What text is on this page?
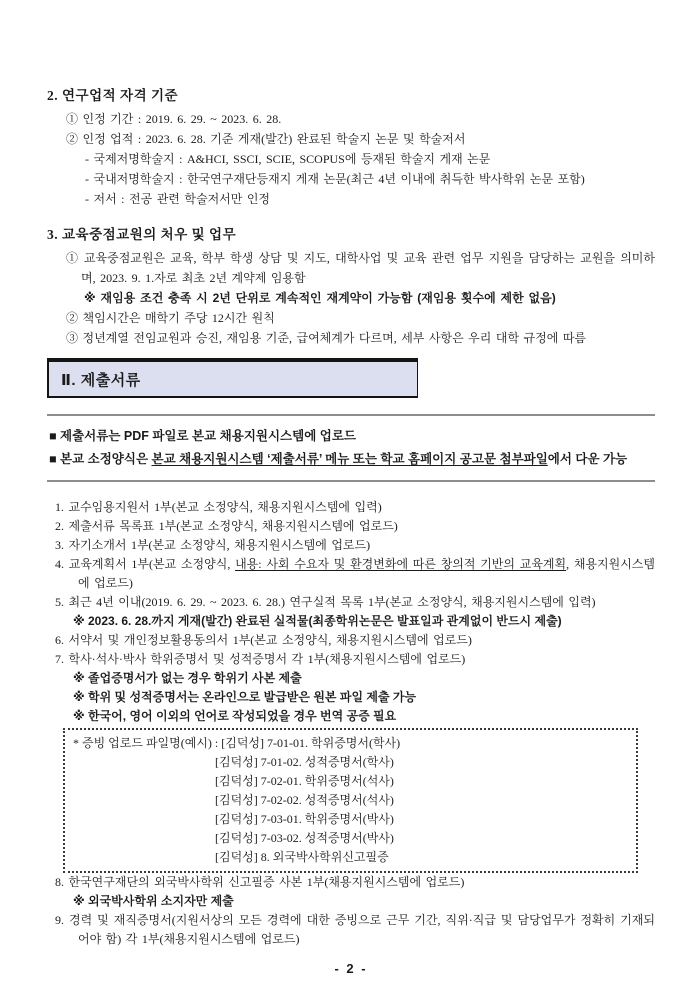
2. 연구업적 자격 기준
① 인정 기간 : 2019. 6. 29. ~ 2023. 6. 28.
② 인정 업적 : 2023. 6. 28. 기준 게재(발간) 완료된 학술지 논문 및 학술저서
- 국제저명학술지 : A&HCI, SSCI, SCIE, SCOPUS에 등재된 학술지 게재 논문
- 국내저명학술지 : 한국연구재단등재지 게재 논문(최근 4년 이내에 취득한 박사학위 논문 포함)
- 저서 : 전공 관련 학술저서만 인정
3. 교육중점교원의 처우 및 업무
① 교육중점교원은 교육, 학부 학생 상담 및 지도, 대학사업 및 교육 관련 업무 지원을 담당하는 교원을 의미하며, 2023. 9. 1.자로 최초 2년 계약제 임용함
※ 재임용 조건 충족 시 2년 단위로 계속적인 재계약이 가능함 (재임용 횟수에 제한 없음)
② 책임시간은 매학기 주당 12시간 원칙
③ 정년계열 전임교원과 승진, 재임용 기준, 급여체계가 다르며, 세부 사항은 우리 대학 규정에 따름
Ⅱ. 제출서류
■ 제출서류는 PDF 파일로 본교 채용지원시스템에 업로드
■ 본교 소정양식은 본교 채용지원시스템 ‘제출서류’ 메뉴 또는 학교 홈페이지 공고문 첨부파일에서 다운 가능
1. 교수임용지원서 1부(본교 소정양식, 채용지원시스템에 입력)
2. 제출서류 목록표 1부(본교 소정양식, 채용지원시스템에 업로드)
3. 자기소개서 1부(본교 소정양식, 채용지원시스템에 업로드)
4. 교육계획서 1부(본교 소정양식, 내용: 사회 수요자 및 환경변화에 따른 창의적 기반의 교육계획, 채용지원시스템에 업로드)
5. 최근 4년 이내(2019. 6. 29. ~ 2023. 6. 28.) 연구실적 목록 1부(본교 소정양식, 채용지원시스템에 입력)
※ 2023. 6. 28.까지 게재(발간) 완료된 실적물(최종학위논문은 발표일과 관계없이 반드시 제출)
6. 서약서 및 개인정보활용동의서 1부(본교 소정양식, 채용지원시스템에 업로드)
7. 학사·석사·박사 학위증명서 및 성적증명서 각 1부(채용지원시스템에 업로드)
※ 졸업증명서가 없는 경우 학위기 사본 제출
※ 학위 및 성적증명서는 온라인으로 발급받은 원본 파일 제출 가능
※ 한국어, 영어 이외의 언어로 작성되었을 경우 번역 공증 필요
* 증빙 업로드 파일명(예시) : [김덕성] 7-01-01. 학위증명서(학사)
[김덕성] 7-01-02. 성적증명서(학사)
[김덕성] 7-02-01. 학위증명서(석사)
[김덕성] 7-02-02. 성적증명서(석사)
[김덕성] 7-03-01. 학위증명서(박사)
[김덕성] 7-03-02. 성적증명서(박사)
[김덕성] 8. 외국박사학위신고필증
8. 한국연구재단의 외국박사학위 신고필증 사본 1부(채용지원시스템에 업로드)
※ 외국박사학위 소지자만 제출
9. 경력 및 재직증명서(지원서상의 모든 경력에 대한 증빙으로 근무 기간, 직위·직급 및 담당업무가 정확히 기재되어야 함) 각 1부(채용지원시스템에 업로드)
- 2 -
